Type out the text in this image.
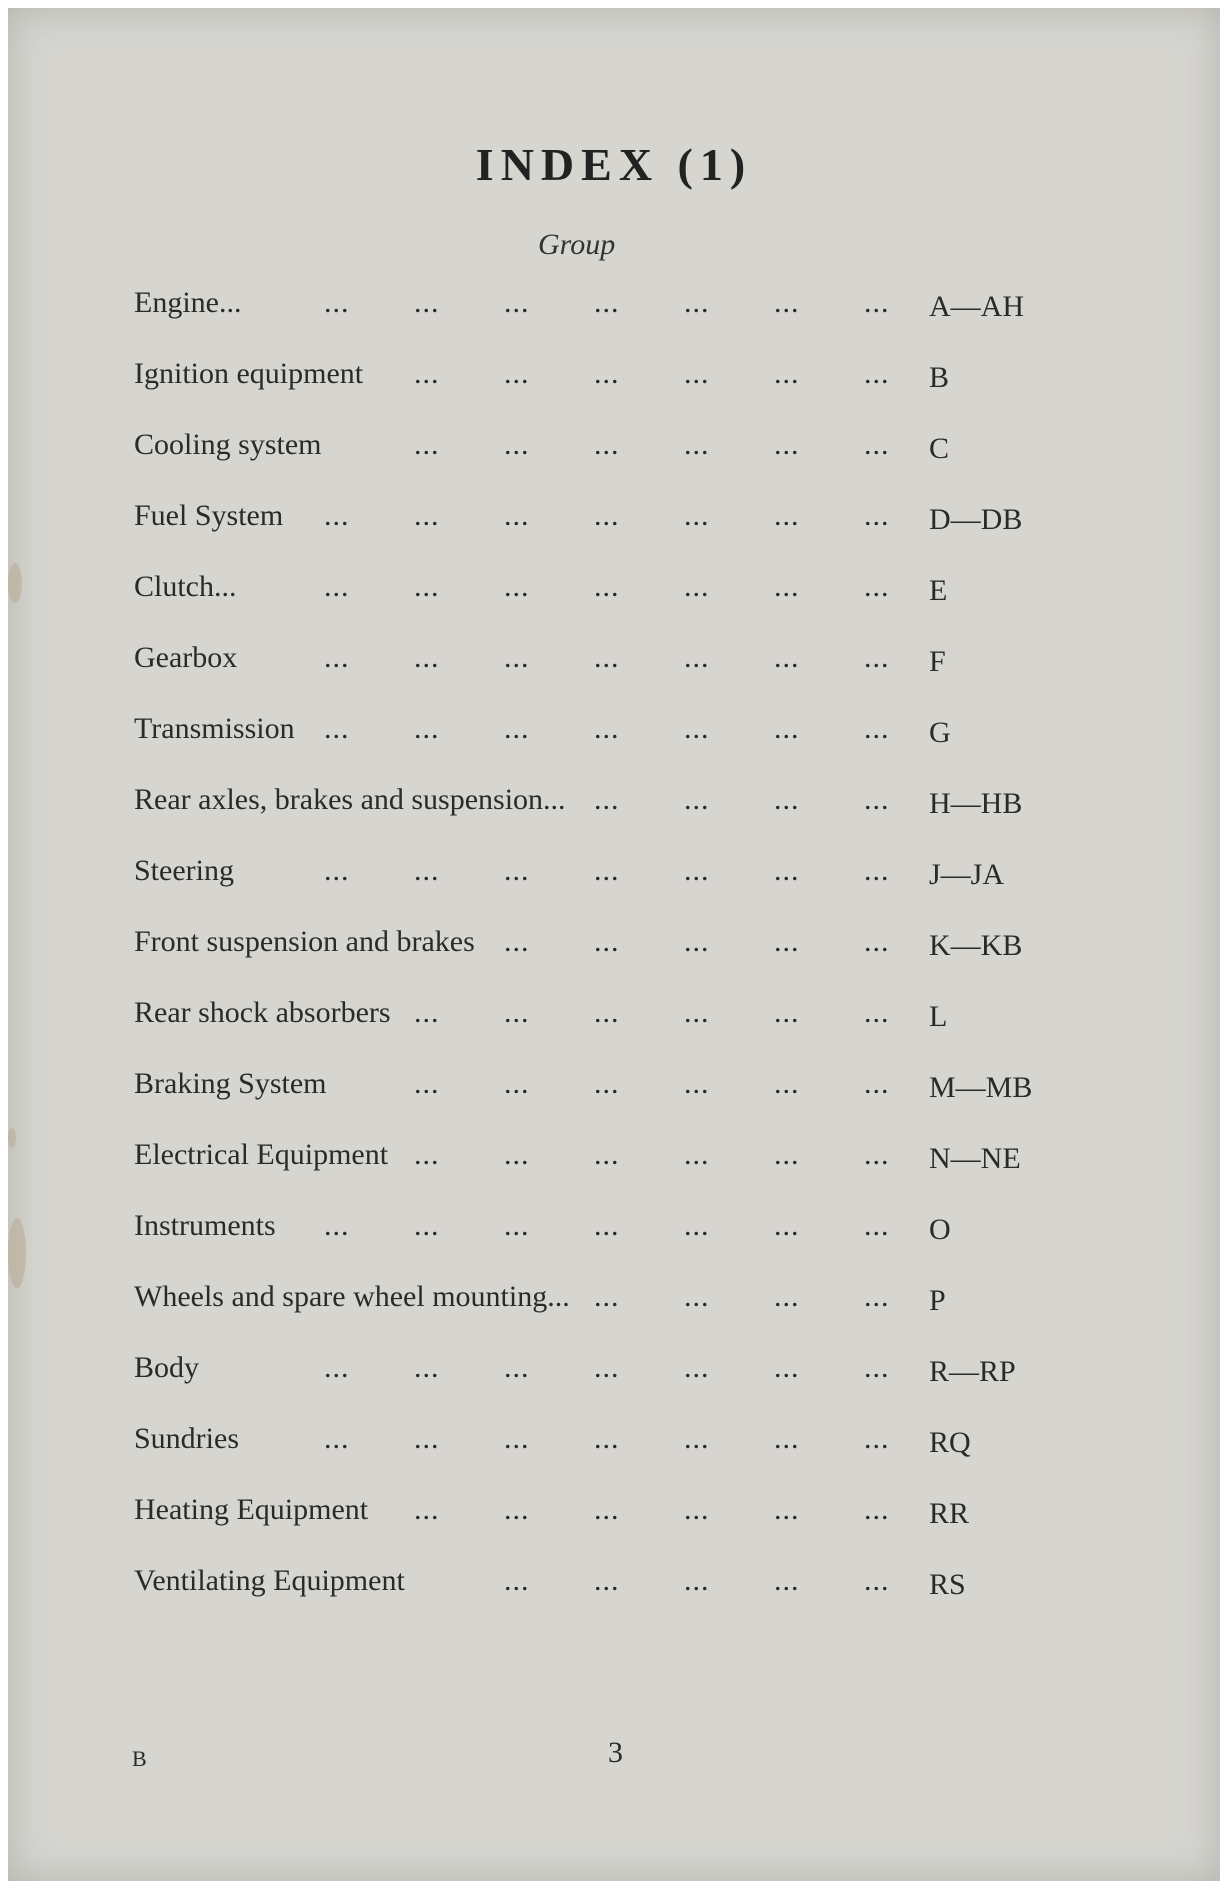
INDEX (1)
Group
Engine...	... ... ... ... ... ... ... A—AH
Ignition equipment ... ... ... ... ... ... B
Cooling system	... ... ... ... ... ... C
Fuel System ... ... ... ... ... ... ... D—DB
Clutch...	... ... ... ... ... ... ... E
Gearbox	... ... ... ... ... ... ... F
Transmission ... ... ... ... ... ... ... G
Rear axles, brakes and suspension... ... ... ... ... H—HB
Steering	... ... ... ... ... ... ... J—JA
Front suspension and brakes ... ... ... ... ... K—KB
Rear shock absorbers ... ... ... ... ... ... L
Braking System	... ... ... ... ... ... M—MB
Electrical Equipment ... ... ... ... ... ... N—NE
Instruments ... ... ... ... ... ... ... O
Wheels and spare wheel mounting... ... ... ... ... P
Body	... ... ... ... ... ... ... R—RP
Sundries	... ... ... ... ... ... ... RQ
Heating Equipment ... ... ... ... ... ... RR
Ventilating Equipment	... ... ... ... ... RS
B	3
